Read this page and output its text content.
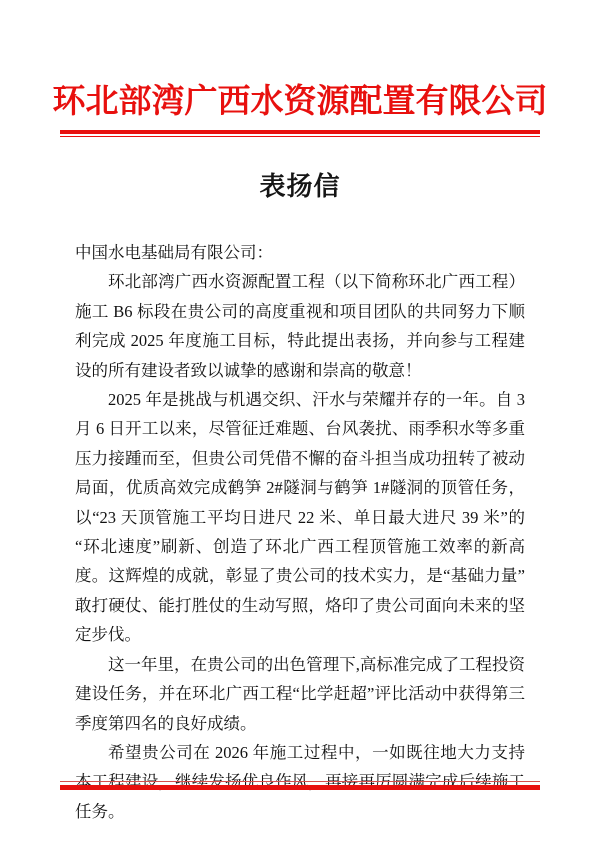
环北部湾广西水资源配置有限公司
表扬信

中国水电基础局有限公司：

环北部湾广西水资源配置工程（以下简称环北广西工程）施工 B6 标段在贵公司的高度重视和项目团队的共同努力下顺利完成 2025 年度施工目标，特此提出表扬，并向参与工程建设的所有建设者致以诚挚的感谢和崇高的敬意！

2025 年是挑战与机遇交织、汗水与荣耀并存的一年。自 3 月 6 日开工以来，尽管征迁难题、台风袭扰、雨季积水等多重压力接踵而至，但贵公司凭借不懈的奋斗担当成功扭转了被动局面，优质高效完成鹤笋 2#隧洞与鹤笋 1#隧洞的顶管任务，以“23 天顶管施工平均日进尺 22 米、单日最大进尺 39 米”的“环北速度”刷新、创造了环北广西工程顶管施工效率的新高度。这辉煌的成就，彰显了贵公司的技术实力，是“基础力量”敢打硬仗、能打胜仗的生动写照，烙印了贵公司面向未来的坚定步伐。

这一年里，在贵公司的出色管理下,高标准完成了工程投资建设任务，并在环北广西工程“比学赶超”评比活动中获得第三季度第四名的良好成绩。

希望贵公司在 2026 年施工过程中，一如既往地大力支持本工程建设，继续发扬优良作风，再接再厉圆满完成后续施工任务。
